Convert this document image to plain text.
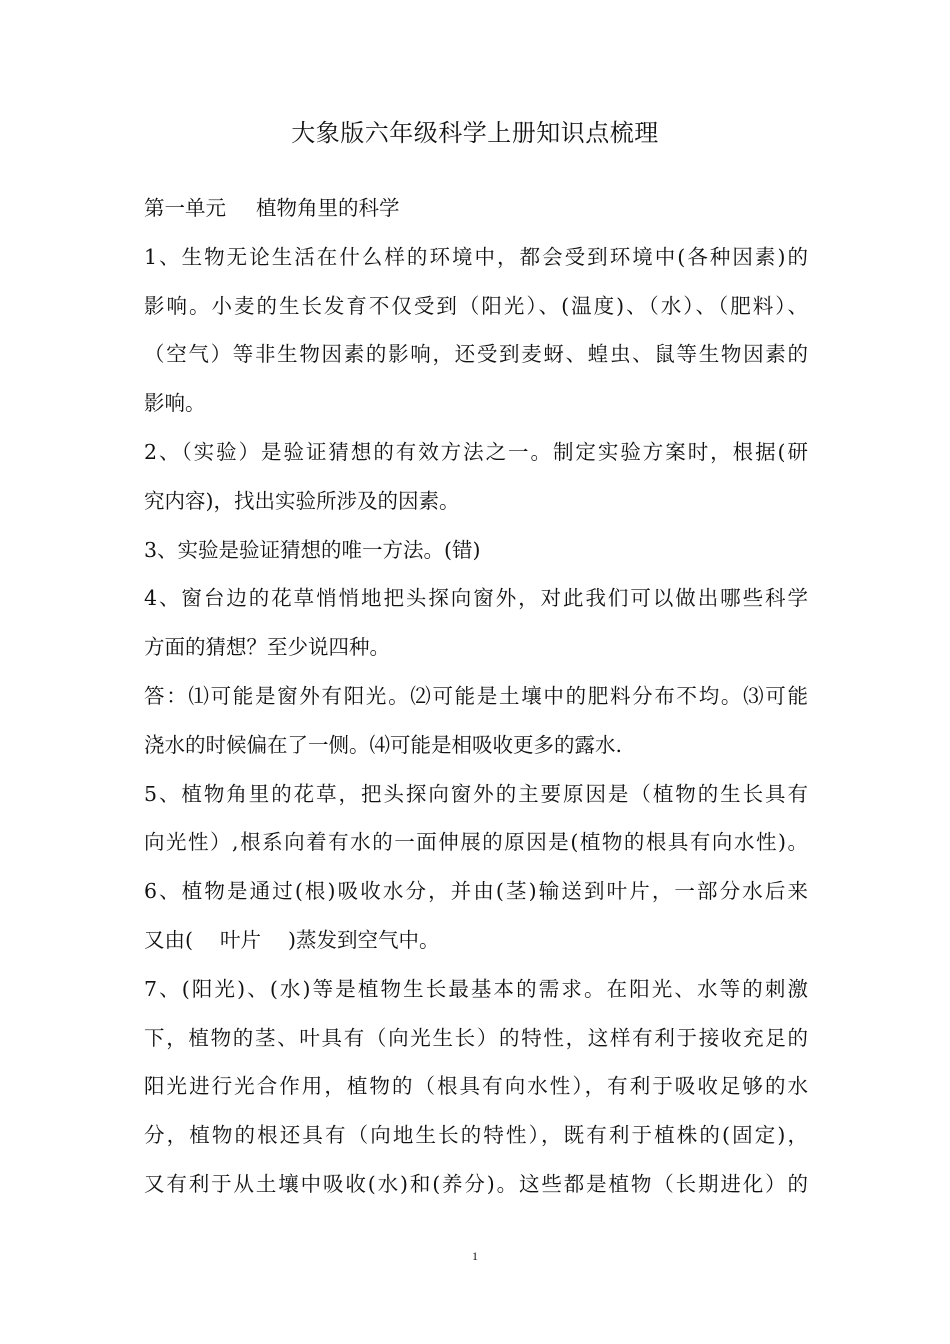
大象版六年级科学上册知识点梳理
第一单元 植物角里的科学
1、生物无论生活在什么样的环境中，都会受到环境中(各种因素)的
影响。小麦的生长发育不仅受到（阳光）、(温度)、（水）、（肥料）、
（空气）等非生物因素的影响，还受到麦蚜、蝗虫、鼠等生物因素的
影响。
2、（实验）是验证猜想的有效方法之一。制定实验方案时，根据(研
究内容)，找出实验所涉及的因素。
3、实验是验证猜想的唯一方法。(错)
4、窗台边的花草悄悄地把头探向窗外，对此我们可以做出哪些科学
方面的猜想？至少说四种。
答：⑴可能是窗外有阳光。⑵可能是土壤中的肥料分布不均。⑶可能
浇水的时候偏在了一侧。⑷可能是相吸收更多的露水.
5、植物角里的花草，把头探向窗外的主要原因是（植物的生长具有
向光性）,根系向着有水的一面伸展的原因是(植物的根具有向水性)。
6、植物是通过(根)吸收水分，并由(茎)输送到叶片，一部分水后来
又由(　 叶片　 )蒸发到空气中。
7、(阳光)、(水)等是植物生长最基本的需求。在阳光、水等的刺激
下，植物的茎、叶具有（向光生长）的特性，这样有利于接收充足的
阳光进行光合作用，植物的（根具有向水性），有利于吸收足够的水
分，植物的根还具有（向地生长的特性），既有利于植株的(固定)，
又有利于从土壤中吸收(水)和(养分)。这些都是植物（长期进化）的
1
